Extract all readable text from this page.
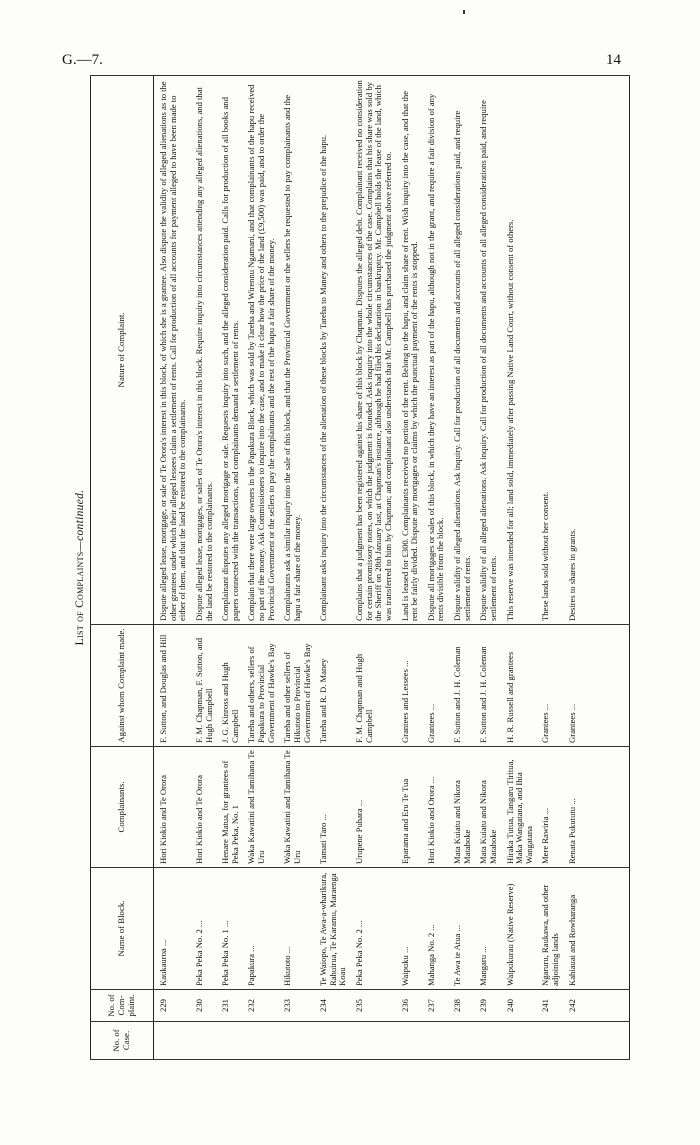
G.—7.	14
List of Complaints—continued.
No. of Case.	No. of Com-plaint.	Name of Block.	Complainants.	Against whom Complaint made.	Nature of Complaint.
	229	Kaukauroa ...	Hori Kiokio and Te Orora	F. Sutton, and Douglas and Hill	Dispute alleged lease, mortgage, or sale of Te Orora's interest in this block, of which she is a grantee. Also dispute the validity of alleged alienations as to the other grantees under which their alleged lessees claim a settlement of rents. Call for production of all accounts for payment alleged to have been made to either of them, and that the land be restored to the complainants.
	230	Peka Peka No. 2 ...	Hori Kiokio and Te Orora	F. M. Chapman, F. Sutton, and Hugh Campbell	Dispute alleged lease, mortgages, or sales of Te Orora's interest in this block. Require inquiry into circumstances attending any alleged alienations, and that the land be restored to the complainants.
	231	Peka Peka No. 1 ...	Henare Matua, for grantees of Peka Peka, No. 1	J. G. Kinross and Hugh Campbell	Complainant disputes any alleged mortgage or sale. Requests inquiry into such, and the alleged consideration paid. Calls for production of all books and papers connected with the transactions, and complainants demand a settlement of rents.
	232	Papakura ...	Waka Kawatini and Tamihana Te Uru	Tareha and others, sellers of Papakura to Provincial Government of Hawke's Bay	Complain that there were large owners in the Papakura Block, which was sold by Tareha and Wirennu Ngamani, and that complainants of the hapu received no part of the money. Ask Commissioners to inquire into the case, and to make it clear how the price of the land (£9,500) was paid, and to order the Provincial Government or the sellers to pay the complainants and the rest of the hapu a fair share of the money.
	233	Hikutoto ...	Waka Kawatini and Tamihana Te Uru	Tareha and other sellers of Hikutoto to Provincial Government of Hawke's Bay	Complainants ask a similar inquiry into the sale of this block, and that the Provincial Government or the sellers be requested to pay complainants and the hapu a fair share of the money.
	234	Te Waiopo, Te Awa-a-wharikura, Rahuirua, Te Karamu, Maraenga Koau	Tamati Taro ...	Tareha and R. D. Maney	Complainant asks inquiry into the circumstances of the alienation of these blocks by Tareha to Maney and others to the prejudice of the hapu.
	235	Peka Peka No. 2 ...	Urupene Puhara ...	F. M. Chapman and Hugh Campbell	Complains that a judgment has been registered against his share of this block by Chapman. Disputes the alleged debt. Complainant received no consideration for certain promissory notes, on which the judgment is founded. Asks inquiry into the whole circumstances of the case. Complains that his share was sold by the Sheriff on 28th January last, at Chapman's instance, although he had filed his declaration in bankruptcy. Mr. Campbell holds the lease of the land, which was transferred to him by Chapman; and complainant also understands that Mr. Campbell has purchased the judgment above referred to.
	236	Waipuku ...	Eparama and Eru Te Tua	Grantees and Lessees ...	Land is leased for £300. Complainants received no portion of the rent. Belong to the hapu, and claim share of rent. Wish inquiry into the case, and that the rent be fairly divided. Dispute any mortgages or claims by which the punctual payment of the rents is stopped.
	237	Mahanga No. 2 ...	Hori Kiokio and Orora ...	Grantees ...	Dispute all mortgages or sales of this block, in which they have an interest as part of the hapu, although not in the grant, and require a fair division of any rents divisible from the block.
	238	Te Awa te Atua ...	Mata Kuiatu and Nikora Matahoke	F. Sutton and J. H. Coleman	Dispute validity of alleged alienations. Ask inquiry. Call for production of all documents and accounts of all alleged considerations paid, and require settlement of rents.
	239	Mangaru ...	Mata Kuiatu and Nikora Matahoke	F. Sutton and J. H. Coleman	Dispute validity of all alleged alienations. Ask inquiry. Call for production of all documents and accounts of all alleged considerations paid, and require settlement of rents.
	240	Waipukurau (Native Reserve)	Hiraka Tutua, Tangaru Tiritua, Maka Wangatana, and Ihia Wangatana	H. R. Russell and grantees	This reserve was intended for all; land sold, immediately after passing Native Land Court, without consent of others.
	241	Ngaruru, Raukawa, and other adjoining lands	Mere Rawiria ...	Grantees ...	These lands sold without her consent.
	242	Kahiauai and Rowharanga	Renata Pukututu ...	Grantees ...	Desires to shares in grants.
